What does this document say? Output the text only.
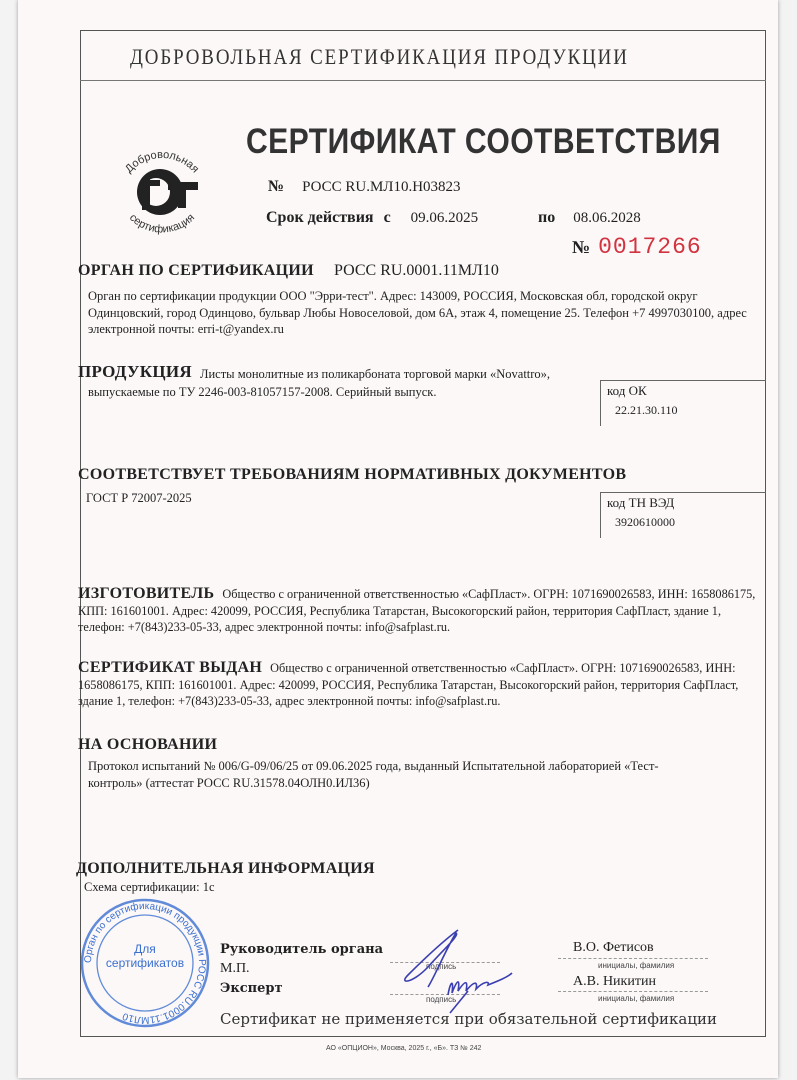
ДОБРОВОЛЬНАЯ СЕРТИФИКАЦИЯ ПРОДУКЦИИ
Добровольная
сертификация
СЕРТИФИКАТ СООТВЕТСТВИЯ
№ РОСС RU.МЛ10.Н03823
Срок действия с 09.06.2025	по 08.06.2028
№ 0017266
ОРГАН ПО СЕРТИФИКАЦИИ РОСС RU.0001.11МЛ10
Орган по сертификации продукции ООО "Эрри-тест". Адрес: 143009, РОССИЯ, Московская обл, городской округ Одинцовский, город Одинцово, бульвар Любы Новоселовой, дом 6А, этаж 4, помещение 25. Телефон +7 4997030100, адрес электронной почты: erri-t@yandex.ru
ПРОДУКЦИЯ Листы монолитные из поликарбоната торговой марки «Novattro»,
выпускаемые по ТУ 2246-003-81057157-2008. Серийный выпуск.	код ОК
22.21.30.110
СООТВЕТСТВУЕТ ТРЕБОВАНИЯМ НОРМАТИВНЫХ ДОКУМЕНТОВ
ГОСТ Р 72007-2025	код ТН ВЭД
3920610000
ИЗГОТОВИТЕЛЬ Общество с ограниченной ответственностью «СафПласт». ОГРН: 1071690026583, ИНН: 1658086175, КПП: 161601001. Адрес: 420099, РОССИЯ, Республика Татарстан, Высокогорский район, территория СафПласт, здание 1, телефон: +7(843)233-05-33, адрес электронной почты: info@safplast.ru.
СЕРТИФИКАТ ВЫДАН Общество с ограниченной ответственностью «СафПласт». ОГРН: 1071690026583, ИНН: 1658086175, КПП: 161601001. Адрес: 420099, РОССИЯ, Республика Татарстан, Высокогорский район, территория СафПласт, здание 1, телефон: +7(843)233-05-33, адрес электронной почты: info@safplast.ru.
НА ОСНОВАНИИ
Протокол испытаний № 006/G-09/06/25 от 09.06.2025 года, выданный Испытательной лабораторией «Тест-контроль» (аттестат РОСС RU.31578.04ОЛН0.ИЛ36)
ДОПОЛНИТЕЛЬНАЯ ИНФОРМАЦИЯ
Схема сертификации: 1с
Орган по сертификации продукции РОСС RU.0001.11МЛ10
Для сертификатов
Руководитель органа
М.П.
Эксперт
подпись
подпись
инициалы, фамилия
инициалы, фамилия
В.О. Фетисов
А.В. Никитин
Сертификат не применяется при обязательной сертификации
АО «ОПЦИОН», Москва, 2025 г., «Б». ТЗ № 242
